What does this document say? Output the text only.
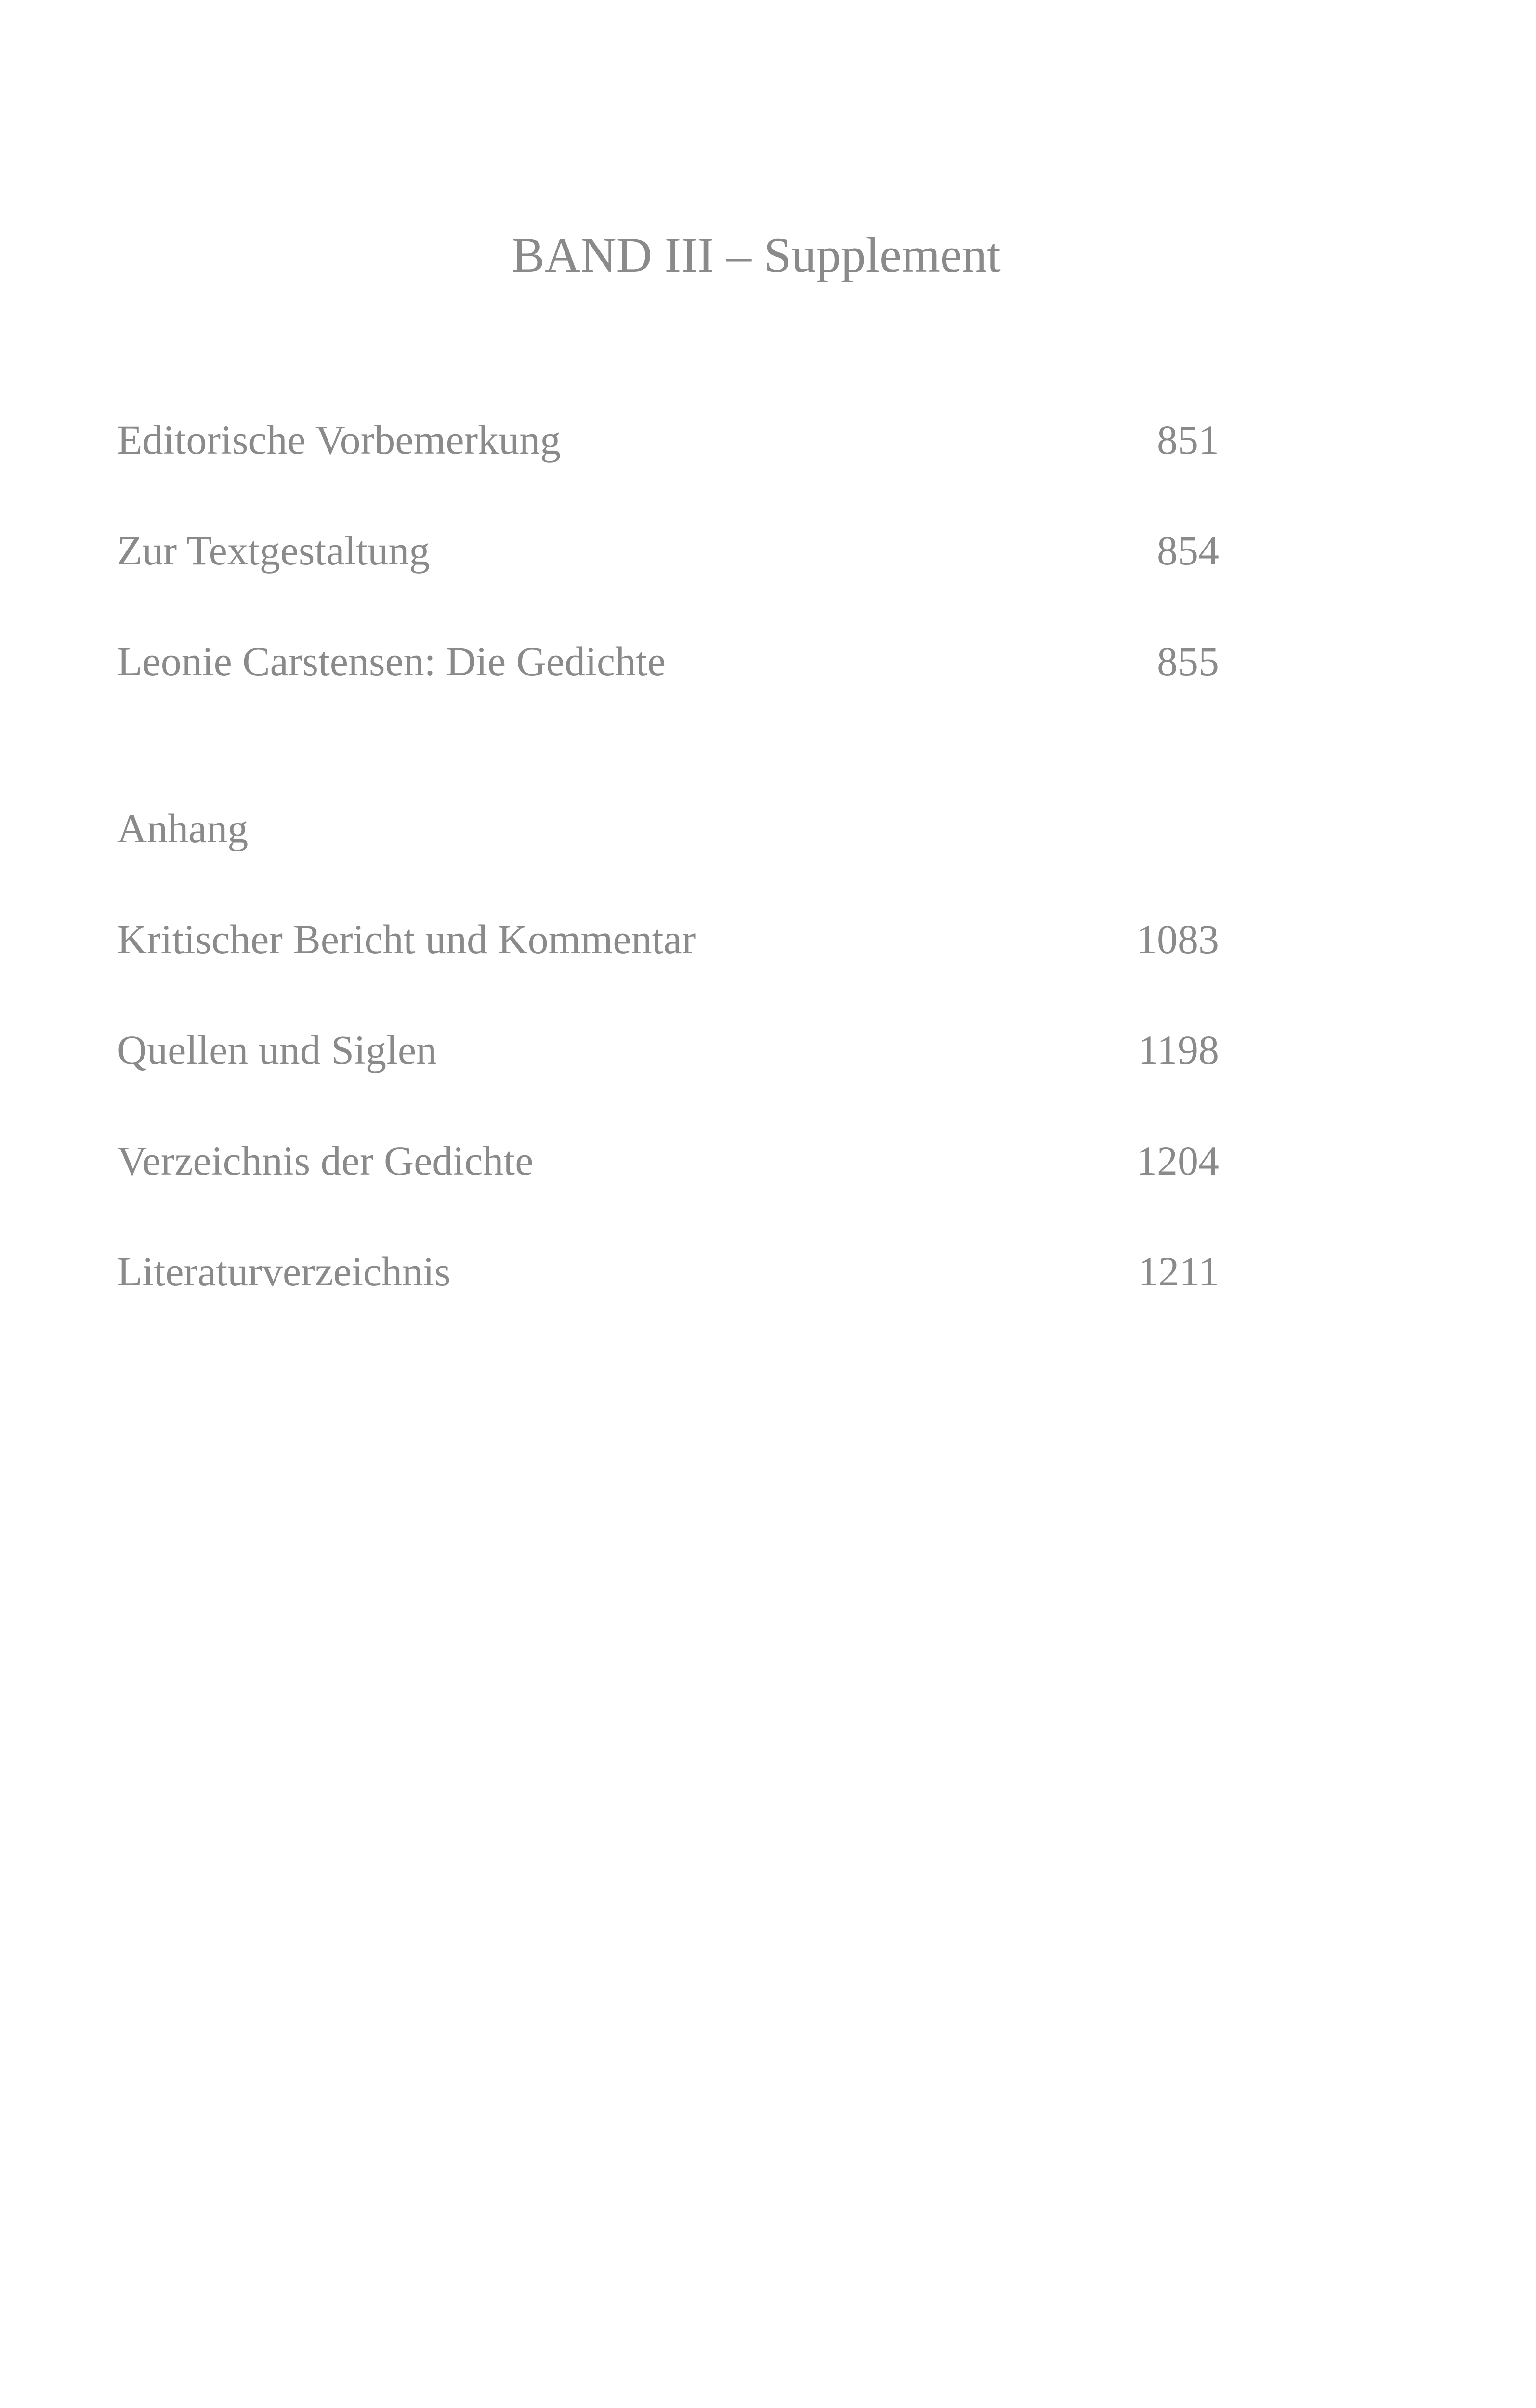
BAND III – Supplement
Editorische Vorbemerkung	851
Zur Textgestaltung	854
Leonie Carstensen: Die Gedichte	855
Anhang
Kritischer Bericht und Kommentar	1083
Quellen und Siglen	1198
Verzeichnis der Gedichte	1204
Literaturverzeichnis	1211
